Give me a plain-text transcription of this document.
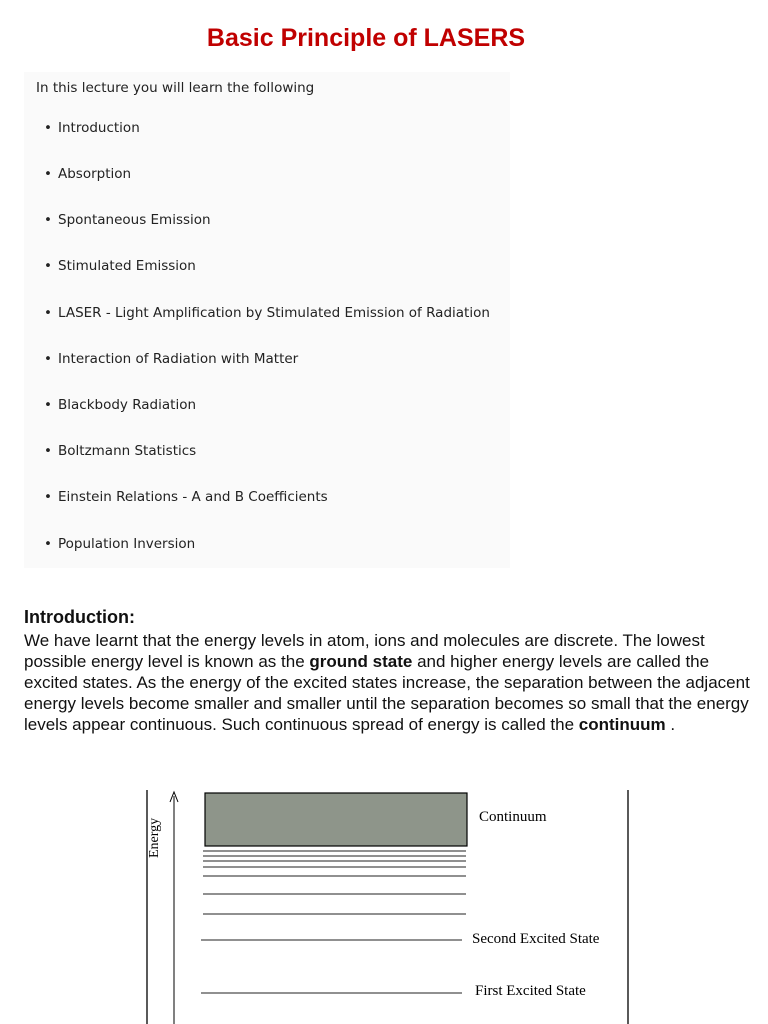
Basic Principle of LASERS
In this lecture you will learn the following
• Introduction
• Absorption
• Spontaneous Emission
• Stimulated Emission
• LASER - Light Amplification by Stimulated Emission of Radiation
• Interaction of Radiation with Matter
• Blackbody Radiation
• Boltzmann Statistics
• Einstein Relations - A and B Coefficients
• Population Inversion
Introduction:

We have learnt that the energy levels in atom, ions and molecules are discrete. The lowest possible energy level is known as the ground state and higher energy levels are called the excited states. As the energy of the excited states increase, the separation between the adjacent energy levels become smaller and smaller until the separation becomes so small that the energy levels appear continuous. Such continuous spread of energy is called the continuum .

Energy
Continuum
Second Excited State
First Excited State
